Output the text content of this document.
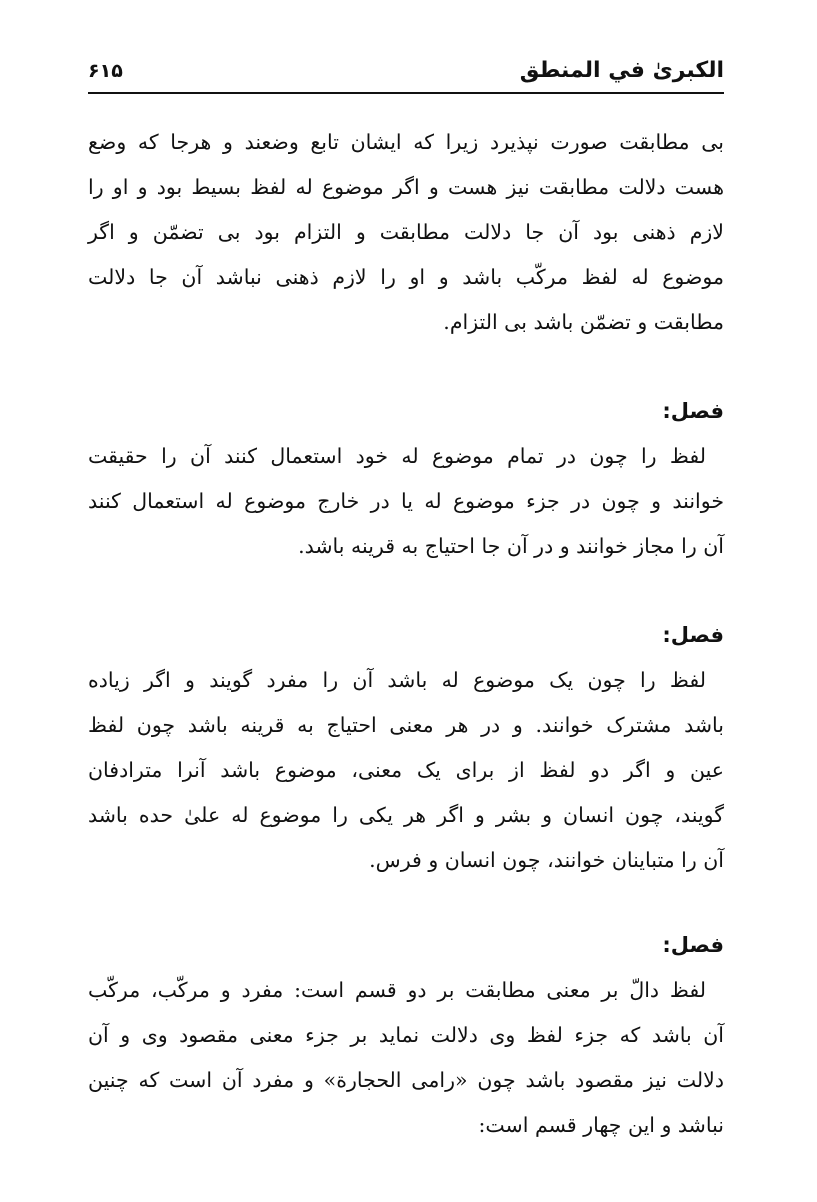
الکبریٰ في المنطق
۶۱۵
بی مطابقت صورت نپذیرد زیرا که ایشان تابع وضعند و هرجا که وضع
هست دلالت مطابقت نیز هست و اگر موضوع له لفظ بسیط بود و او را
لازم ذهنی بود آن جا دلالت مطابقت و التزام بود بی تضمّن و اگر
موضوع له لفظ مرکّب باشد و او را لازم ذهنی نباشد آن جا دلالت
مطابقت و تضمّن باشد بی التزام.
فصل:
لفظ را چون در تمام موضوع له خود استعمال کنند آن را حقیقت
خوانند و چون در جزء موضوع له یا در خارج موضوع له استعمال کنند
آن را مجاز خوانند و در آن جا احتیاج به قرینه باشد.
فصل:
لفظ را چون یک موضوع له باشد آن را مفرد گویند و اگر زیاده
باشد مشترک خوانند. و در هر معنی احتیاج به قرینه باشد چون لفظ
عین و اگر دو لفظ از برای یک معنی، موضوع باشد آنرا مترادفان
گویند، چون انسان و بشر و اگر هر یکی را موضوع له علیٰ حده باشد
آن را متباینان خوانند، چون انسان و فرس.
فصل:
لفظ دالّ بر معنی مطابقت بر دو قسم است: مفرد و مرکّب، مرکّب
آن باشد که جزء لفظ وی دلالت نماید بر جزء معنی مقصود وی و آن
دلالت نیز مقصود باشد چون «رامی الحجارة» و مفرد آن است که چنین
نباشد و این چهار قسم است:
